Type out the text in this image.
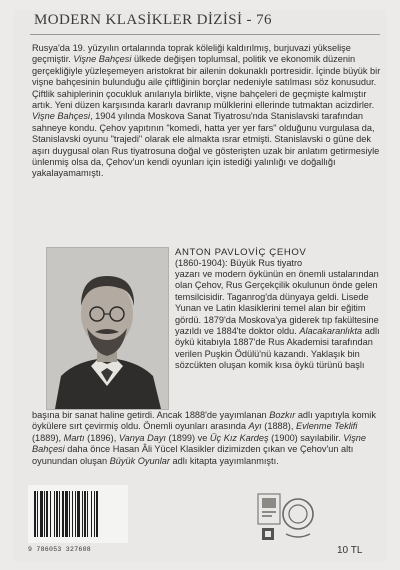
MODERN KLASİKLER DİZİSİ - 76

Rusya'da 19. yüzyılın ortalarında toprak köleliği kaldırılmış, burjuvazi yükselişe geçmiştir. Vişne Bahçesi ülkede değişen toplumsal, politik ve ekonomik düzenin gerçekliğiyle yüzleşemeyen aristokrat bir ailenin dokunaklı portresidir. İçinde büyük bir vişne bahçesinin bulunduğu aile çiftliğinin borçlar nedeniyle satılması söz konusudur. Çiftlik sahiplerinin çocukluk anılarıyla birlikte, vişne bahçeleri de geçmişte kalmıştır artık. Yeni düzen karşısında kararlı davranıp mülklerini ellerinde tutmaktan acizdirler. Vişne Bahçesi, 1904 yılında Moskova Sanat Tiyatrosu'nda Stanislavski tarafından sahneye kondu. Çehov yapıtının "komedi, hatta yer yer fars" olduğunu vurgulasa da, Stanislavski oyunu "trajedi" olarak ele almakta ısrar etmişti. Stanislavski o güne dek aşırı duygusal olan Rus tiyatrosuna doğal ve gösterişten uzak bir anlatım getirmesiyle ünlenmiş olsa da, Çehov'un kendi oyunları için istediği yalınlığı ve doğallığı yakalayamamıştı.

ANTON PAVLOVİÇ ÇEHOV
(1860-1904): Büyük Rus tiyatro

yazarı ve modern öykünün en önemli ustalarından olan Çehov, Rus Gerçekçilik okulunun önde gelen temsilcisidir. Taganrog'da dünyaya geldi. Lisede Yunan ve Latin klasiklerini temel alan bir eğitim gördü. 1879'da Moskova'ya giderek tıp fakültesine yazıldı ve 1884'te doktor oldu. Alacakaranlıkta adlı öykü kitabıyla 1887'de Rus Akademisi tarafından verilen Puşkin Ödülü'nü kazandı. Yaklaşık bin sözcükten oluşan komik kısa öykü türünü başlı

başına bir sanat haline getirdi. Ancak 1888'de yayımlanan Bozkır adlı yapıtıyla komik öykülere sırt çevirmiş oldu. Önemli oyunları arasında Ayı (1888), Evlenme Teklifi (1889), Martı (1896), Vanya Dayı (1899) ve Üç Kız Kardeş (1900) sayılabilir. Vişne Bahçesi daha önce Hasan Âli Yücel Klasikler dizimizden çıkan ve Çehov'un altı oyunundan oluşan Büyük Oyunlar adlı kitapta yayımlanmıştı.

9 786053 327608	10 TL
